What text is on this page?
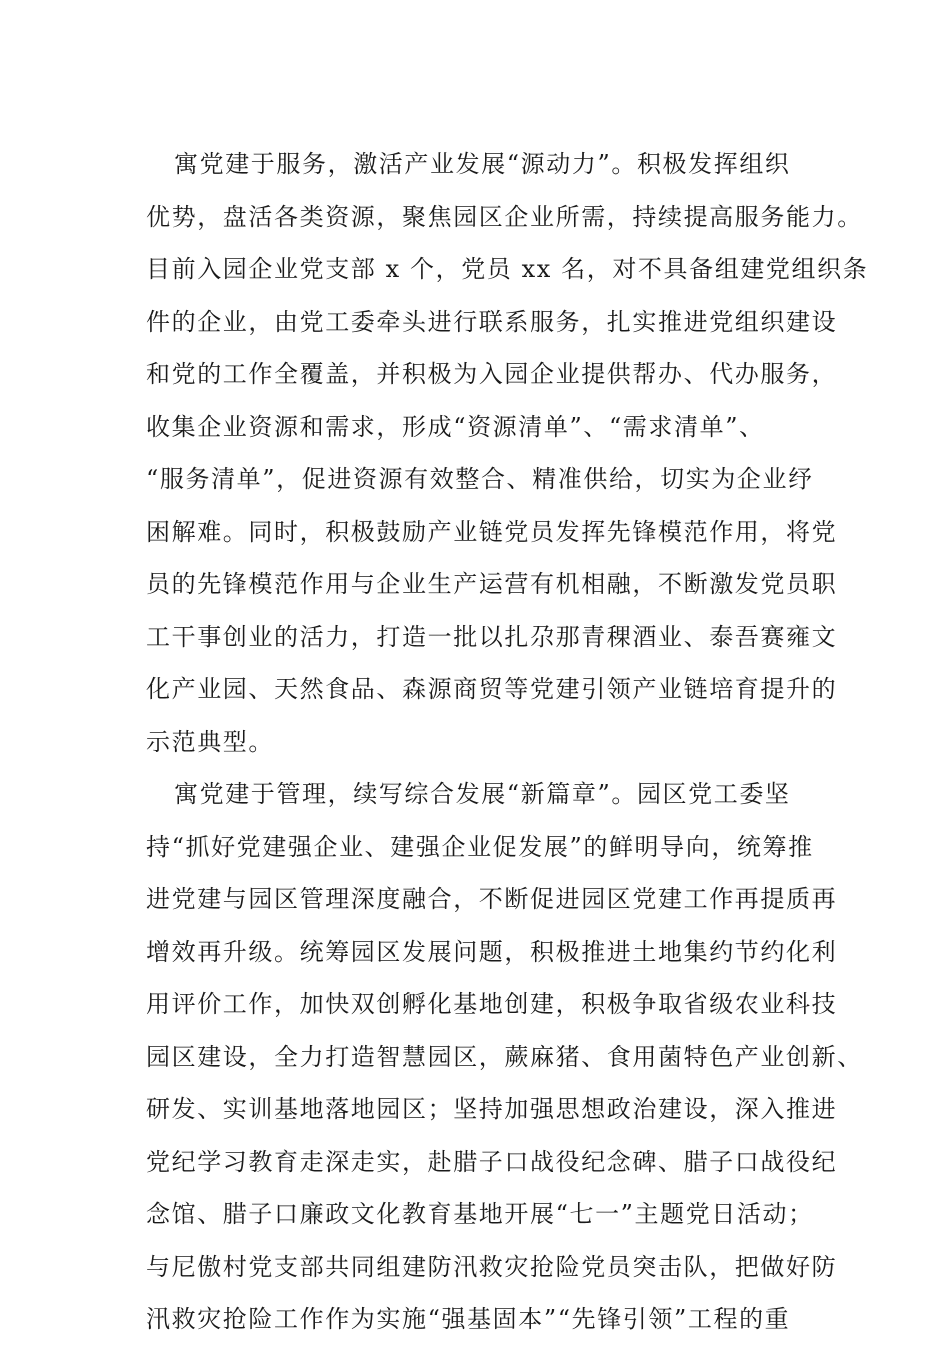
寓党建于服务，激活产业发展“源动力”。积极发挥组织
优势，盘活各类资源，聚焦园区企业所需，持续提高服务能力。
目前入园企业党支部 x 个，党员 xx 名，对不具备组建党组织条
件的企业，由党工委牵头进行联系服务，扎实推进党组织建设
和党的工作全覆盖，并积极为入园企业提供帮办、代办服务，
收集企业资源和需求，形成“资源清单”、“需求清单”、
“服务清单”，促进资源有效整合、精准供给，切实为企业纾
困解难。同时，积极鼓励产业链党员发挥先锋模范作用，将党
员的先锋模范作用与企业生产运营有机相融，不断激发党员职
工干事创业的活力，打造一批以扎尕那青稞酒业、泰吾赛雍文
化产业园、天然食品、森源商贸等党建引领产业链培育提升的
示范典型。
寓党建于管理，续写综合发展“新篇章”。园区党工委坚
持“抓好党建强企业、建强企业促发展”的鲜明导向，统筹推
进党建与园区管理深度融合，不断促进园区党建工作再提质再
增效再升级。统筹园区发展问题，积极推进土地集约节约化利
用评价工作，加快双创孵化基地创建，积极争取省级农业科技
园区建设，全力打造智慧园区，蕨麻猪、食用菌特色产业创新、
研发、实训基地落地园区；坚持加强思想政治建设，深入推进
党纪学习教育走深走实，赴腊子口战役纪念碑、腊子口战役纪
念馆、腊子口廉政文化教育基地开展“七一”主题党日活动；
与尼傲村党支部共同组建防汛救灾抢险党员突击队，把做好防
汛救灾抢险工作作为实施“强基固本”“先锋引领”工程的重
